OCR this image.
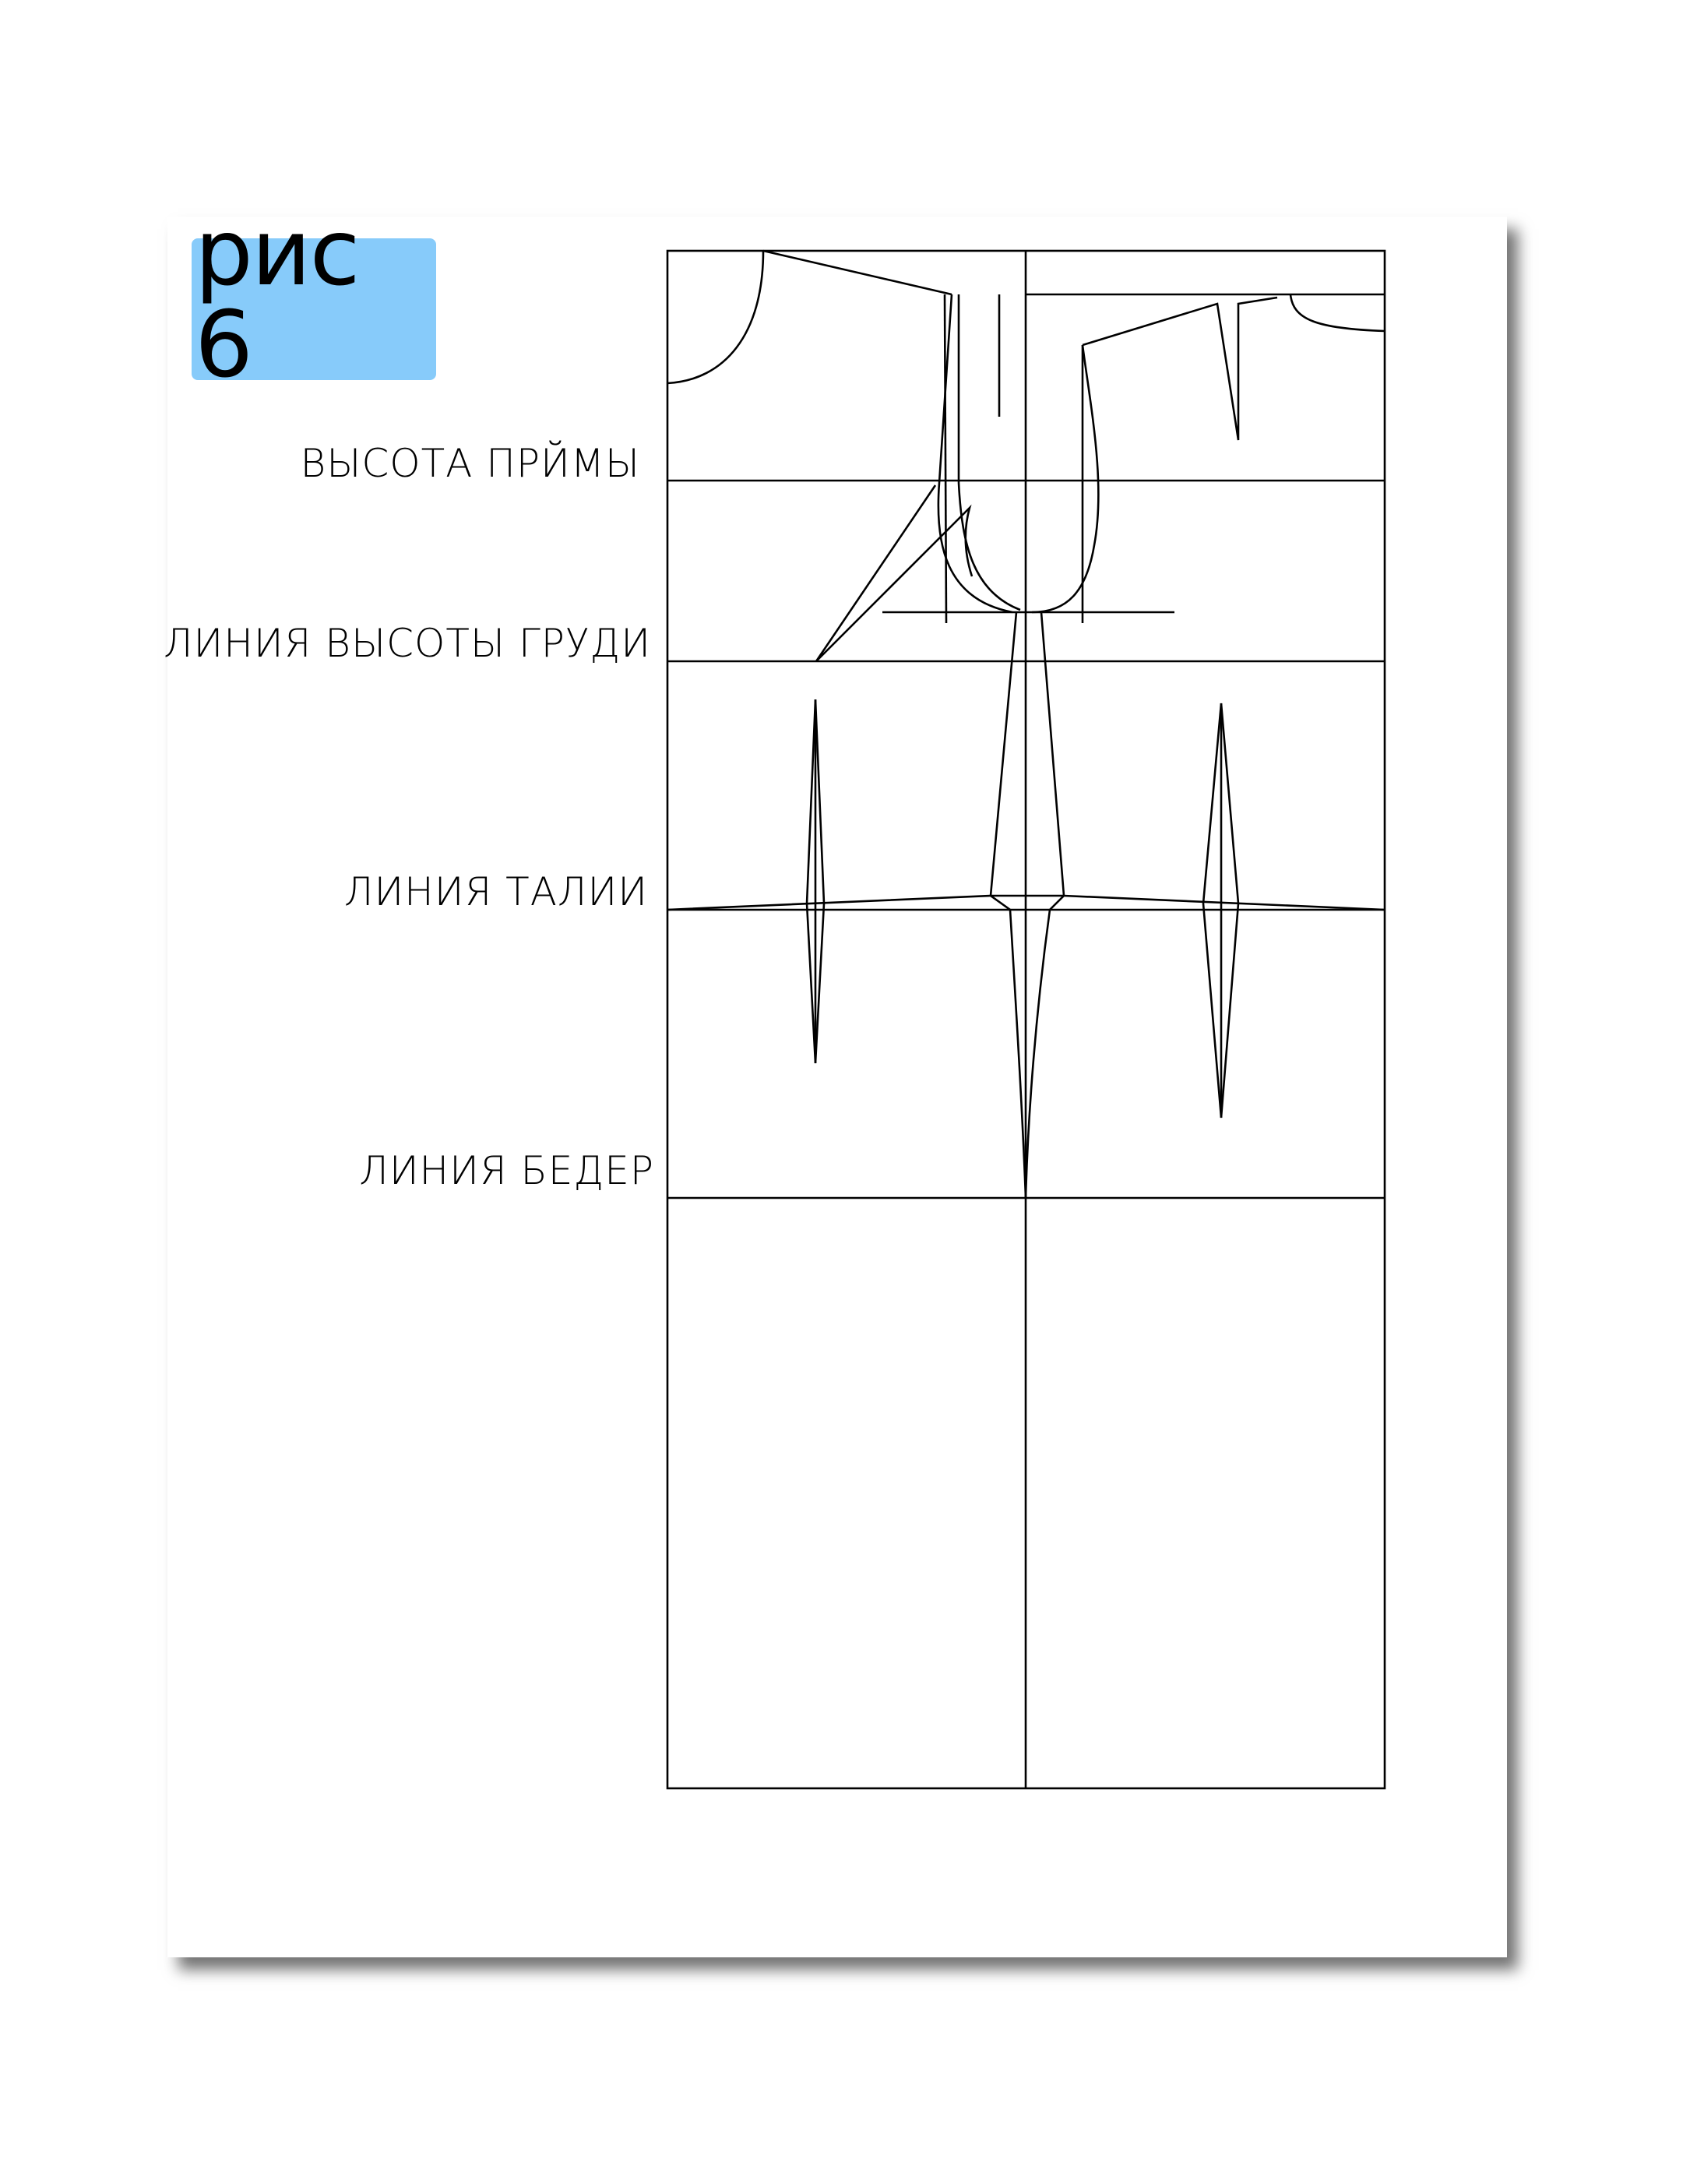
рис 6
ВЫСОТА ПРЙМЫ
ЛИНИЯ ВЫСОТЫ ГРУДИ
ЛИНИЯ ТАЛИИ
ЛИНИЯ БЕДЕР
